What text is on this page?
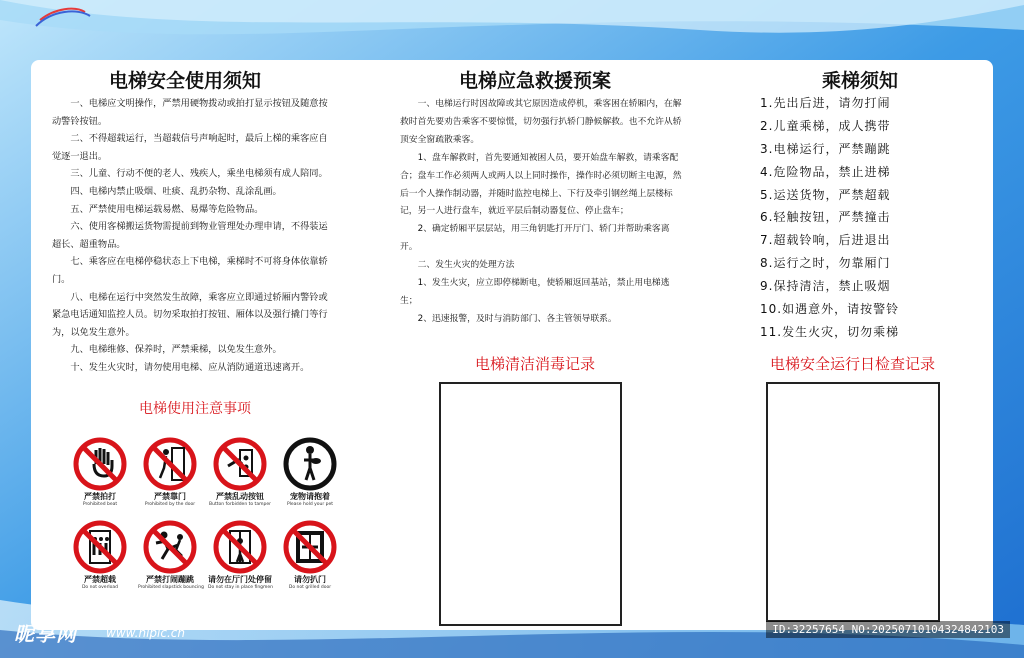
电梯安全使用须知

一、电梯应文明操作，严禁用硬物拨动或拍打显示按钮及随意按动警铃按钮。

二、不得超载运行，当超载信号声响起时，最后上梯的乘客应自觉逐一退出。

三、儿童、行动不便的老人、残疾人，乘坐电梯须有成人陪同。

四、电梯内禁止吸烟、吐痰、乱扔杂物、乱涂乱画。

五、严禁使用电梯运载易燃、易爆等危险物品。

六、使用客梯搬运货物需提前到物业管理处办理申请，不得装运超长、超重物品。

七、乘客应在电梯停稳状态上下电梯，乘梯时不可将身体依靠轿门。

八、电梯在运行中突然发生故障，乘客应立即通过轿厢内警铃或紧急电话通知监控人员。切勿采取拍打按钮、厢体以及强行撬门等行为，以免发生意外。

九、电梯维修、保养时，严禁乘梯，以免发生意外。

十、发生火灾时，请勿使用电梯、应从消防通道迅速离开。

电梯使用注意事项
严禁拍打
Prohibited beat
严禁靠门
Prohibited by the door
严禁乱动按钮
Button forbidden to tamper
宠物请抱着
Please hold your pet
严禁超载
Do not overload
严禁打闹蹦跳
Prohibited slapstick bouncing
请勿在厅门处停留
Do not stay in place fingmen
请勿扒门
Do not grilled door
电梯应急救援预案

一、电梯运行时因故障或其它原因造成停机，乘客困在轿厢内，在解救时首先要劝告乘客不要惊慌，切勿强行扒轿门静候解救。也不允许从轿顶安全窗疏散乘客。

1、盘车解救时，首先要通知被困人员，要开始盘车解救，请乘客配合；盘车工作必须两人或两人以上同时操作，操作时必须切断主电源，然后一个人操作制动器，并随时监控电梯上、下行及牵引钢丝绳上层楼标记，另一人进行盘车，就近平层后制动器复位、停止盘车；

2、确定轿厢平层层站，用三角钥匙打开厅门、轿门并帮助乘客离开。

二、发生火灾的处理方法

1、发生火灾，应立即停梯断电，使轿厢返回基站，禁止用电梯逃生；

2、迅速报警，及时与消防部门、各主管领导联系。

电梯清洁消毒记录
乘梯须知
1.先出后进，请勿打闹
2.儿童乘梯，成人携带
3.电梯运行，严禁蹦跳
4.危险物品，禁止进梯
5.运送货物，严禁超载
6.轻触按钮，严禁撞击
7.超载铃响，后进退出
8.运行之时，勿靠厢门
9.保持清洁，禁止吸烟
10.如遇意外，请按警铃
11.发生火灾，切勿乘梯
电梯安全运行日检查记录
昵享网 www.nipic.cn	ID:32257654 NO:20250710104324842103
